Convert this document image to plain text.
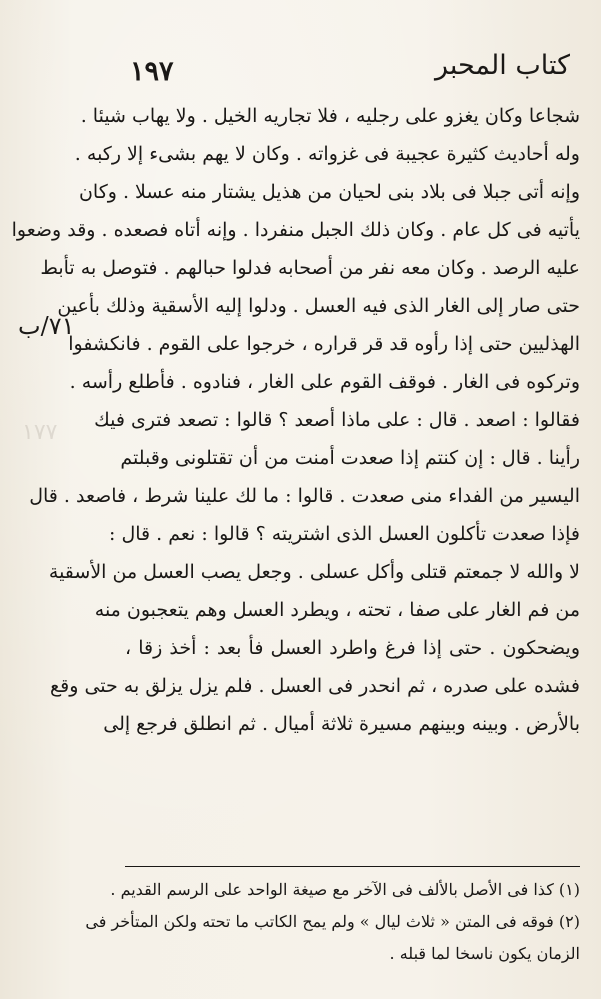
كتاب المحبر
١٩٧
٧١/ب
١٧٧
شجاعا وكان يغزو على رجليه ، فلا تجاريه الخيل . ولا يهاب شيئا .
وله أحاديث كثيرة عجيبة فى غزواته . وكان لا يهم بشىء إلا ركبه .
وإنه أتى جبلا فى بلاد بنى لحيان من هذيل يشتار منه عسلا . وكان
يأتيه فى كل عام . وكان ذلك الجبل منفردا . وإنه أتاه فصعده . وقد وضعوا
عليه الرصد . وكان معه نفر من أصحابه فدلوا حبالهم . فتوصل به تأبط
حتى صار إلى الغار الذى فيه العسل . ودلوا إليه الأسقية وذلك بأعين
الهذليين حتى إذا رأوه قد قر قراره ، خرجوا على القوم . فانكشفوا
وتركوه فى الغار . فوقف القوم على الغار ، فنادوه . فأطلع رأسه .
فقالوا : اصعد . قال : على ماذا أصعد ؟ قالوا : تصعد فترى فيك
رأينا . قال : إن كنتم إذا صعدت أمنت من أن تقتلونى وقبلتم
اليسير من الفداء منى صعدت . قالوا : ما لك علينا شرط ، فاصعد . قال
فإذا صعدت تأكلون العسل الذى اشتريته ؟ قالوا : نعم . قال :
لا والله لا جمعتم قتلى وأكل عسلى . وجعل يصب العسل من الأسقية
من فم الغار على صفا ، تحته ، ويطرد العسل وهم يتعجبون منه
ويضحكون . حتى إذا فرغ واطرد العسل فأ بعد : أخذ زقا ،
فشده على صدره ، ثم انحدر فى العسل . فلم يزل يزلق به حتى وقع
بالأرض . وبينه وبينهم مسيرة ثلاثة أميال . ثم انطلق فرجع إلى
(١) كذا فى الأصل بالألف فى الآخر مع صيغة الواحد على الرسم القديم .
(٢) فوقه فى المتن « ثلاث ليال » ولم يمح الكاتب ما تحته ولكن المتأخر فى
الزمان يكون ناسخا لما قبله .
